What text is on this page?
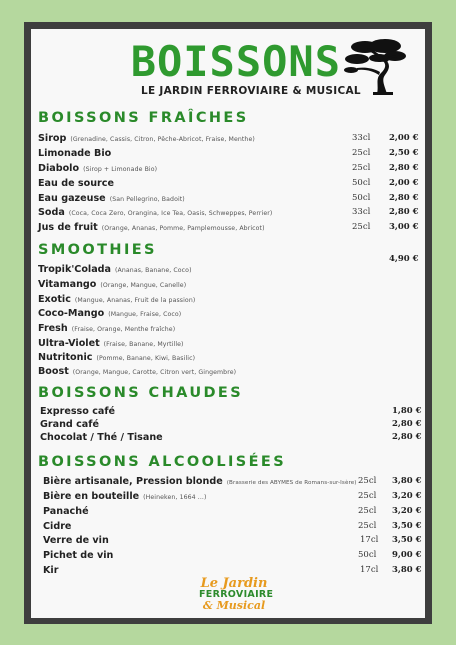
BOISSONS
LE JARDIN FERROVIAIRE & MUSICAL
BOISSONS FRAÎCHES
Sirop (Grenadine, Cassis, Citron, Pêche-Abricot, Fraise, Menthe)	33cl 2,00 €
Limonade Bio	25cl 2,50 €
Diabolo (Sirop + Limonade Bio)	25cl 2,80 €
Eau de source	50cl 2,00 €
Eau gazeuse (San Pellegrino, Badoit)	50cl 2,80 €
Soda (Coca, Coca Zero, Orangina, Ice Tea, Oasis, Schweppes, Perrier)	33cl 2,80 €
Jus de fruit (Orange, Ananas, Pomme, Pamplemousse, Abricot)	25cl 3,00 €
SMOOTHIES
4,90 €
Tropik'Colada (Ananas, Banane, Coco)
Vitamango (Orange, Mangue, Canelle)
Exotic (Mangue, Ananas, Fruit de la passion)
Coco-Mango (Mangue, Fraise, Coco)
Fresh (Fraise, Orange, Menthe fraîche)
Ultra-Violet (Fraise, Banane, Myrtille)
Nutritonic (Pomme, Banane, Kiwi, Basilic)
Boost (Orange, Mangue, Carotte, Citron vert, Gingembre)
BOISSONS CHAUDES
Expresso café	1,80 €
Grand café	2,80 €
Chocolat / Thé / Tisane	2,80 €
BOISSONS ALCOOLISÉES
Bière artisanale, Pression blonde (Brasserie des ABYMES de Romans-sur-Isère) 25cl 3,80 €
Bière en bouteille (Heineken, 1664 ...)	25cl 3,20 €
Panaché	25cl 3,20 €
Cidre	25cl 3,50 €
Verre de vin	17cl 3,50 €
Pichet de vin	50cl 9,00 €
Kir	17cl 3,80 €
Le Jardin
FERROVIAIRE
& Musical
